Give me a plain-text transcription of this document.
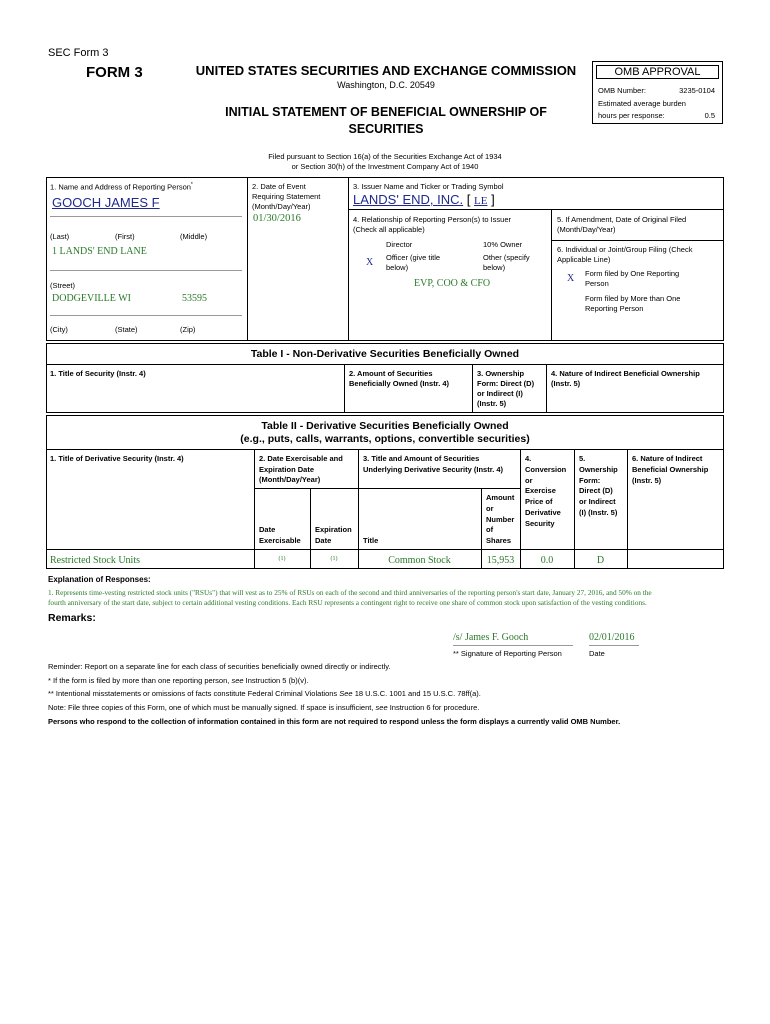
SEC Form 3
FORM 3	UNITED STATES SECURITIES AND EXCHANGE COMMISSION
Washington, D.C. 20549
INITIAL STATEMENT OF BENEFICIAL OWNERSHIP OF
SECURITIES
OMB APPROVAL
OMB Number:	3235-0104
Estimated average burden
hours per response:	0.5
Filed pursuant to Section 16(a) of the Securities Exchange Act of 1934
or Section 30(h) of the Investment Company Act of 1940
1. Name and Address of Reporting Person*
GOOCH JAMES F
(Last)	(First)	(Middle)
1 LANDS' END LANE
(Street)
DODGEVILLE WI	53595
(City)	(State)	(Zip)
2. Date of Event
Requiring Statement
(Month/Day/Year)
01/30/2016
3. Issuer Name and Ticker or Trading Symbol
LANDS' END, INC. [ LE ]
4. Relationship of Reporting Person(s) to Issuer
(Check all applicable)
Director	10% Owner
X Officer (give title
below)
Other (specify
below)
EVP, COO & CFO
5. If Amendment, Date of Original Filed
(Month/Day/Year)
6. Individual or Joint/Group Filing (Check
Applicable Line)
X Form filed by One Reporting
Person
Form filed by More than One
Reporting Person
Table I - Non-Derivative Securities Beneficially Owned
1. Title of Security (Instr. 4)	2. Amount of Securities
Beneficially Owned (Instr. 4)
3. Ownership
Form: Direct (D)
or Indirect (I)
(Instr. 5)
4. Nature of Indirect Beneficial Ownership
(Instr. 5)
Table II - Derivative Securities Beneficially Owned
(e.g., puts, calls, warrants, options, convertible securities)
1. Title of Derivative Security (Instr. 4)	2. Date Exercisable and
Expiration Date
(Month/Day/Year)
Date
Exercisable
Expiration
Date
3. Title and Amount of Securities
Underlying Derivative Security (Instr. 4)
Title
Amount
or
Number
of
Shares
4.
Conversion
or
Exercise
Price of
Derivative
Security
5.
Ownership
Form:
Direct (D)
or Indirect
(I) (Instr. 5)
6. Nature of Indirect
Beneficial Ownership
(Instr. 5)
Restricted Stock Units	(1)	(1)	Common Stock	15,953	0.0	D
Explanation of Responses:
1. Represents time-vesting restricted stock units ("RSUs") that will vest as to 25% of RSUs on each of the second and third anniversaries of the reporting person's start date, January 27, 2016, and 50% on the
fourth anniversary of the start date, subject to certain additional vesting conditions. Each RSU represents a contingent right to receive one share of common stock upon satisfaction of the vesting conditions.
Remarks:
/s/ James F. Gooch	02/01/2016
** Signature of Reporting Person	Date
Reminder: Report on a separate line for each class of securities beneficially owned directly or indirectly.
* If the form is filed by more than one reporting person, see Instruction 5 (b)(v).
** Intentional misstatements or omissions of facts constitute Federal Criminal Violations See 18 U.S.C. 1001 and 15 U.S.C. 78ff(a).
Note: File three copies of this Form, one of which must be manually signed. If space is insufficient, see Instruction 6 for procedure.
Persons who respond to the collection of information contained in this form are not required to respond unless the form displays a currently valid OMB Number.
